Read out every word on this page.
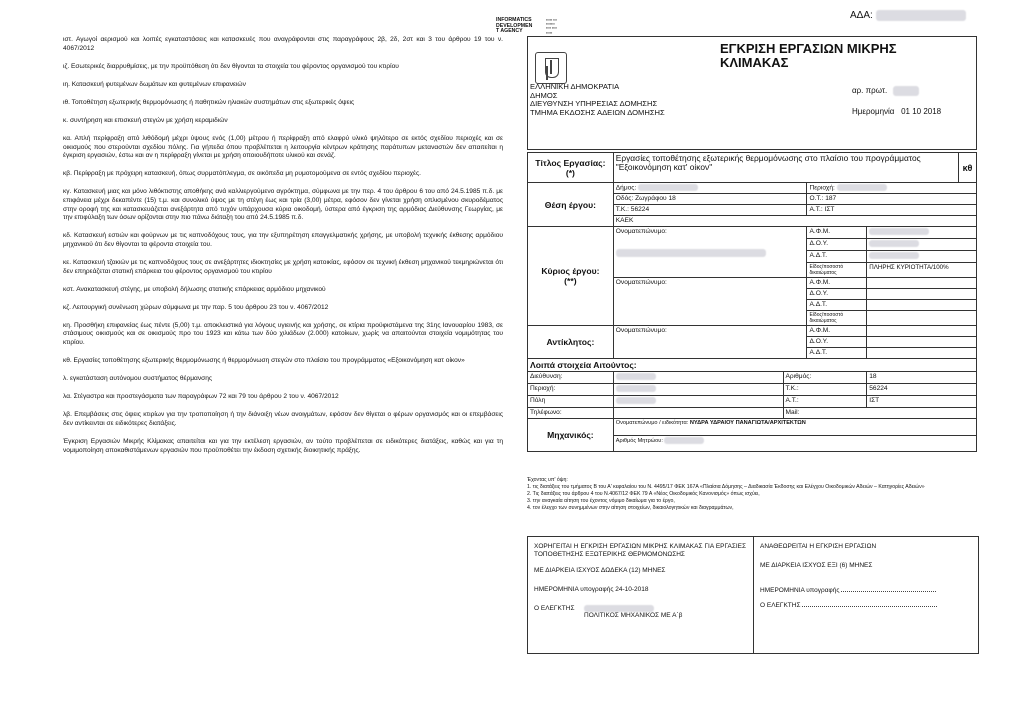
ιστ. Αγωγοί αερισμού και λοιπές εγκαταστάσεις και κατασκευές που αναγράφονται στις παραγράφους 2β, 2δ, 2στ και 3 του άρθρου 19 του ν. 4067/2012

ιζ. Εσωτερικές διαρρυθμίσεις, με την προϋπόθεση ότι δεν θίγονται τα στοιχεία του φέροντος οργανισμού του κτιρίου

ιη. Κατασκευή φυτεμένων δωμάτων και φυτεμένων επιφανειών

ιθ. Τοποθέτηση εξωτερικής θερμομόνωσης ή παθητικών ηλιακών συστημάτων στις εξωτερικές όψεις

κ. συντήρηση και επισκευή στεγών με χρήση κεραμιδιών

κα. Απλή περίφραξη από λιθόδομή μέχρι ύψους ενός (1,00) μέτρου ή περίφραξη από ελαφρύ υλικό ψηλότερο σε εκτός σχεδίου περιοχές και σε οικισμούς που στερούνται σχεδίου πόλης. Για γήπεδα όπου προβλέπεται η λειτουργία κέντρων κράτησης παράτυπων μεταναστών δεν απαιτείται η έγκριση εργασιών, έστω και αν η περίφραξη γίνεται με χρήση οποιουδήποτε υλικού και σενάζ.

κβ. Περίφραξη με πρόχειρη κατασκευή, όπως συρματόπλεγμα, σε οικόπεδα μη ρυμοτομούμενα σε εντός σχεδίου περιοχές.

κγ. Κατασκευή μιας και μόνο λιθόκτιστης αποθήκης ανά καλλιεργούμενο αγρόκτημα, σύμφωνα με την περ. 4 του άρθρου 6 του από 24.5.1985 π.δ. με επιφάνεια μέχρι δεκαπέντε (15) τ.μ. και συνολικό ύψος με τη στέγη έως και τρία (3,00) μέτρα, εφόσον δεν γίνεται χρήση οπλισμένου σκυροδέματος στην οροφή της και κατασκευάζεται ανεξάρτητα από τυχόν υπάρχουσα κύρια οικοδομή, ύστερα από έγκριση της αρμόδιας Διεύθυνσης Γεωργίας, με την επιφύλαξη των όσων ορίζονται στην πιο πάνω διάταξη του από 24.5.1985 π.δ.

κδ. Κατασκευή εστιών και φούρνων με τις καπνοδόχους τους, για την εξυπηρέτηση επαγγελματικής χρήσης, με υποβολή τεχνικής έκθεσης αρμόδιου μηχανικού ότι δεν θίγονται τα φέροντα στοιχεία του.

κε. Κατασκευή τζακιών με τις καπνοδόχους τους σε ανεξάρτητες ιδιοκτησίες με χρήση κατοικίας, εφόσον σε τεχνική έκθεση μηχανικού τεκμηριώνεται ότι δεν επηρεάζεται στατική επάρκεια του φέροντος οργανισμού του κτιρίου

κστ. Ανακατασκευή στέγης, με υποβολή δήλωσης στατικής επάρκειας αρμόδιου μηχανικού

κζ. Λειτουργική συνένωση χώρων σύμφωνα με την παρ. 5 του άρθρου 23 του ν. 4067/2012

κη. Προσθήκη επιφανείας έως πέντε (5,00) τ.μ. αποκλειστικά για λόγους υγιεινής και χρήσης, σε κτίρια προϋφιστάμενα της 31ης Ιανουαρίου 1983, σε στάσιμους οικισμούς και σε οικισμούς προ του 1923 και κάτω των δύο χιλιάδων (2.000) κατοίκων, χωρίς να απαιτούνται στοιχεία νομιμότητας του κτιρίου.

κθ. Εργασίες τοποθέτησης εξωτερικής θερμομόνωσης ή θερμομόνωση στεγών στο πλαίσιο του προγράμματος «Εξοικονόμηση κατ οίκον»

λ. εγκατάσταση αυτόνομου συστήματος θέρμανσης

λα. Στέγαστρα και προστεγάσματα των παραγράφων 72 και 79 του άρθρου 2 του ν. 4067/2012

λβ. Επεμβάσεις στις όψεις κτιρίων για την τροποποίηση ή την διάνοιξη νέων ανοιγμάτων, εφόσον δεν θίγεται ο φέρων οργανισμός και οι επεμβάσεις δεν αντίκεινται σε ειδικότερες διατάξεις.

Έγκριση Εργασιών Μικρής Κλίμακας απαιτείται και για την εκτέλεση εργασιών, αν τούτο προβλέπεται σε ειδικότερες διατάξεις, καθώς και για τη νομιμοποίηση αποκαθιστάμενων εργασιών που προϋποθέτει την έκδοση σχετικής διοικητικής πράξης.

ΑΔΑ:
INFORMATICS
DEVELOPMEN
T AGENCY
▪▪▪▪▪ ▪▪▪
▪▪▪▪▪▪▪
▪▪▪▪ ▪▪▪▪
▪▪▪▪▪
ΕΓΚΡΙΣΗ ΕΡΓΑΣΙΩΝ ΜΙΚΡΗΣ
ΚΛΙΜΑΚΑΣ
ΕΛΛΗΝΙΚΗ ΔΗΜΟΚΡΑΤΙΑ
ΔΗΜΟΣ
ΔΙΕΥΘΥΝΣΗ ΥΠΗΡΕΣΙΑΣ ΔΟΜΗΣΗΣ
ΤΜΗΜΑ ΕΚΔΟΣΗΣ ΑΔΕΙΩΝ ΔΟΜΗΣΗΣ
αρ. πρωτ.
Ημερομηνία 01 10 2018
Τίτλος Εργασίας:
(*)	Εργασίες τοποθέτησης εξωτερικής θερμομόνωσης στο πλαίσιο του προγράμματος "Εξοικονόμηση κατ' οίκον"				κθ
Θέση έργου:	Δήμος:		Περιοχή:		
	Οδός: Ζωγράφου 18		Ο.Τ.: 187		
	Τ.Κ.: 56224		Α.Τ.: ΙΣΤ		
	ΚΑΕΚ				
Κύριος έργου:
(**)	Ονοματεπώνυμο:		Α.Φ.Μ.		
			Δ.Ο.Υ.		
			Α.Δ.Τ.		
			Είδος/ποσοστό δικαιώματος	ΠΛΗΡΗΣ ΚΥΡΙΟΤΗΤΑ/100%	
	Ονοματεπώνυμο:		Α.Φ.Μ.		
			Δ.Ο.Υ.		
			Α.Δ.Τ.		
			Είδος/ποσοστό δικαιώματος		
Αντίκλητος:	Ονοματεπώνυμο:		Α.Φ.Μ.		
			Δ.Ο.Υ.		
			Α.Δ.Τ.		
Λοιπά στοιχεία Αιτούντος:					
Διεύθυνση:		Αριθμός:		18	
Περιοχή:		Τ.Κ.:		56224	
Πόλη		Α.Τ.:		ΙΣΤ	
Τηλέφωνο:		Mail:			
Μηχανικός:	Ονοματεπώνυμο / ειδικότητα: ΝΥΔΡΑ ΥΔΡΑΙΟΥ ΠΑΝΑΓΙΩΤΑ/ΑΡΧΙΤΕΚΤΩΝ				
	Αριθμός Μητρώου:				
Έχοντας υπ' όψη:
1. τις διατάξεις του τμήματος Β του Α' κεφαλαίου του Ν. 4495/17 ΦΕΚ 167Α «Πλαίσια Δόμησης – Διαδικασία Έκδοσης και Ελέγχου Οικοδομικών Αδειών – Κατηγορίες Αδειών»
2. Τις διατάξεις του άρθρου 4 του Ν.4067/12 ΦΕΚ 79 Α «Νέος Οικοδομικός Κανονισμός» όπως ισχύει,
3. την αναγκαία αίτηση του έχοντος νόμιμο δικαίωμα για το έργο,
4. τον έλεγχο των συνημμένων στην αίτηση στοιχείων, δικαιολογητικών και διαγραμμάτων,
ΧΟΡΗΓΕΙΤΑΙ Η ΕΓΚΡΙΣΗ ΕΡΓΑΣΙΩΝ ΜΙΚΡΗΣ ΚΛΙΜΑΚΑΣ ΓΙΑ ΕΡΓΑΣΙΕΣ ΤΟΠΟΘΕΤΗΣΗΣ ΕΞΩΤΕΡΙΚΗΣ ΘΕΡΜΟΜΟΝΩΣΗΣ
ΜΕ ΔΙΑΡΚΕΙΑ ΙΣΧΥΟΣ ΔΩΔΕΚΑ (12) ΜΗΝΕΣ
ΗΜΕΡΟΜΗΝΙΑ υπογραφής 24-10-2018
Ο ΕΛΕΓΚΤΗΣ
ΠΟΛΙΤΙΚΟΣ ΜΗΧΑΝΙΚΟΣ ΜΕ Α΄β
ΑΝΑΘΕΩΡΕΙΤΑΙ Η ΕΓΚΡΙΣΗ ΕΡΓΑΣΙΩΝ
ΜΕ ΔΙΑΡΚΕΙΑ ΙΣΧΥΟΣ ΕΞΙ (6) ΜΗΝΕΣ
ΗΜΕΡΟΜΗΝΙΑ υπογραφής
Ο ΕΛΕΓΚΤΗΣ
